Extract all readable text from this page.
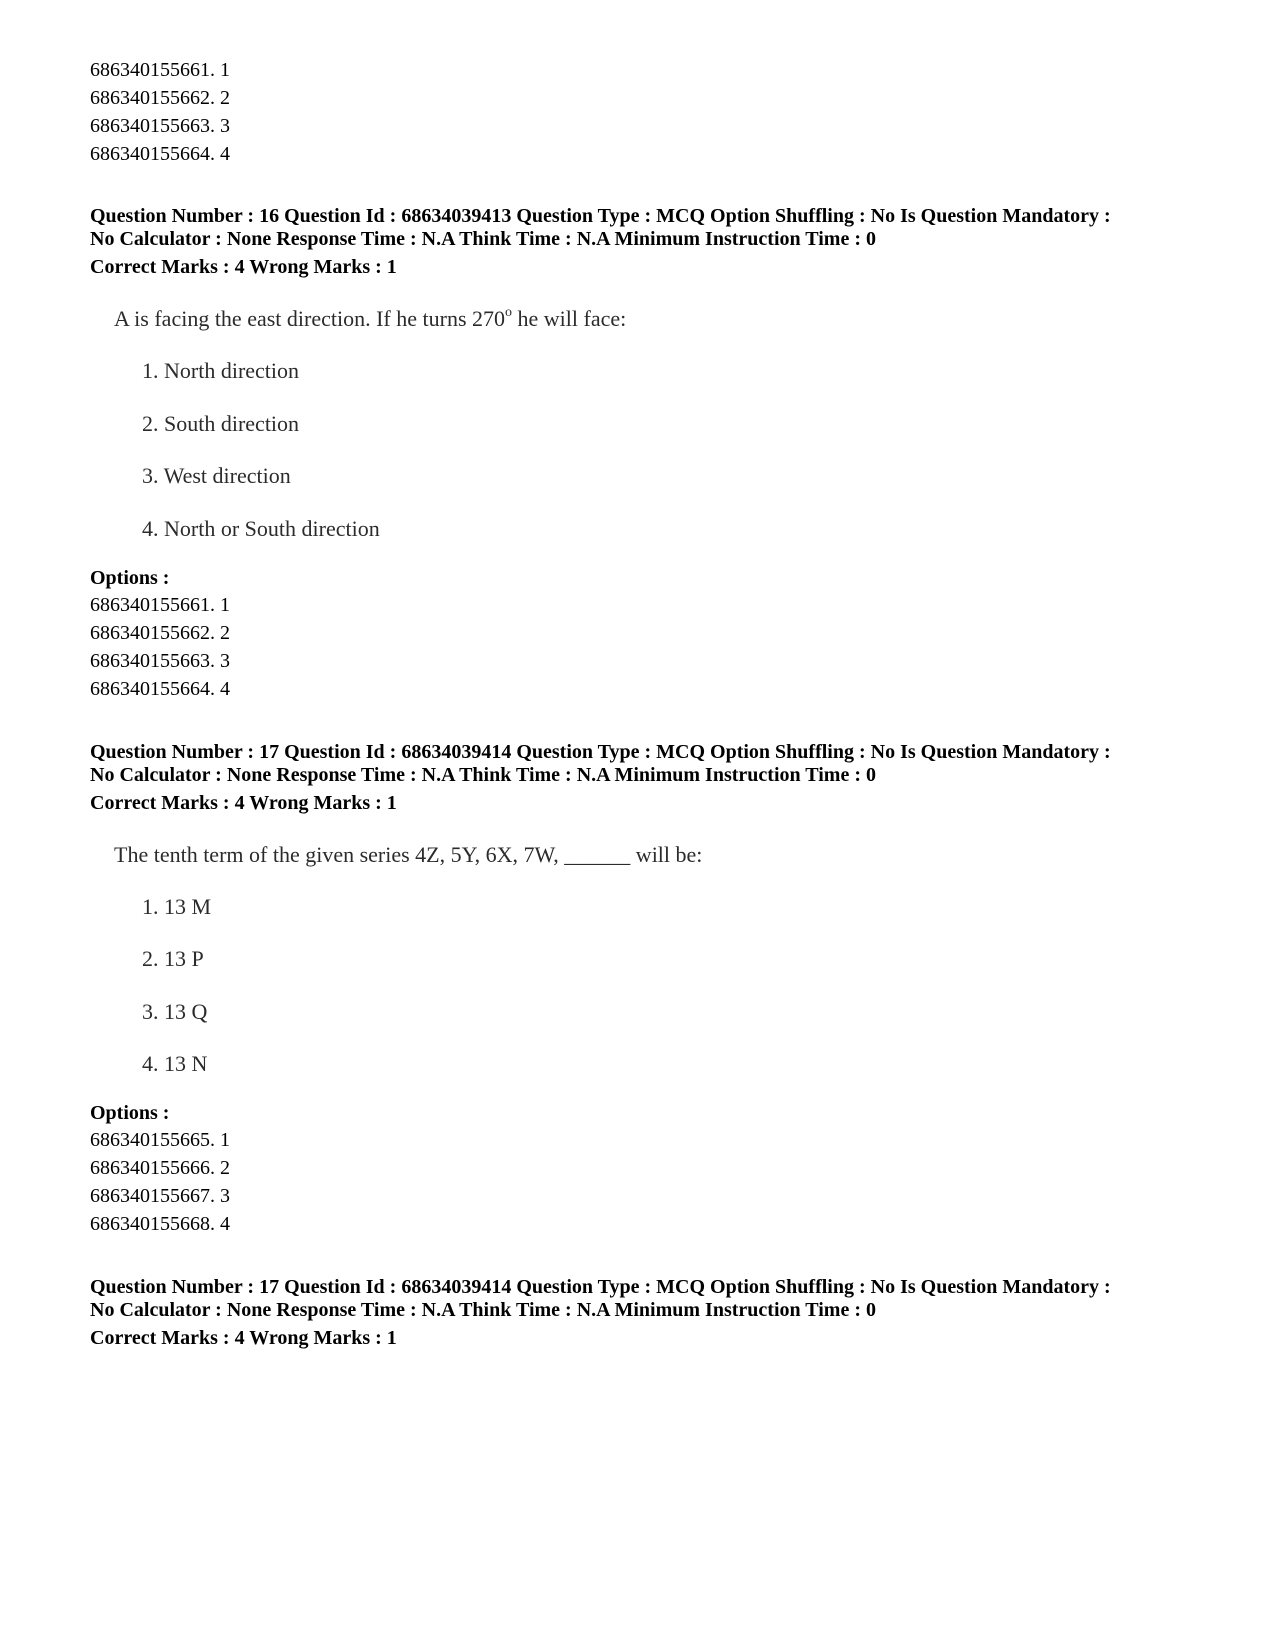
686340155661. 1
686340155662. 2
686340155663. 3
686340155664. 4
Question Number : 16 Question Id : 68634039413 Question Type : MCQ Option Shuffling : No Is Question Mandatory :
No Calculator : None Response Time : N.A Think Time : N.A Minimum Instruction Time : 0
Correct Marks : 4 Wrong Marks : 1
A is facing the east direction. If he turns 270$^o$ he will face:
1. North direction
2. South direction
3. West direction
4. North or South direction
Options :
686340155661. 1
686340155662. 2
686340155663. 3
686340155664. 4
Question Number : 17 Question Id : 68634039414 Question Type : MCQ Option Shuffling : No Is Question Mandatory :
No Calculator : None Response Time : N.A Think Time : N.A Minimum Instruction Time : 0
Correct Marks : 4 Wrong Marks : 1
The tenth term of the given series 4Z, 5Y, 6X, 7W, ______ will be:
1. 13 M
2. 13 P
3. 13 Q
4. 13 N
Options :
686340155665. 1
686340155666. 2
686340155667. 3
686340155668. 4
Question Number : 17 Question Id : 68634039414 Question Type : MCQ Option Shuffling : No Is Question Mandatory :
No Calculator : None Response Time : N.A Think Time : N.A Minimum Instruction Time : 0
Correct Marks : 4 Wrong Marks : 1
